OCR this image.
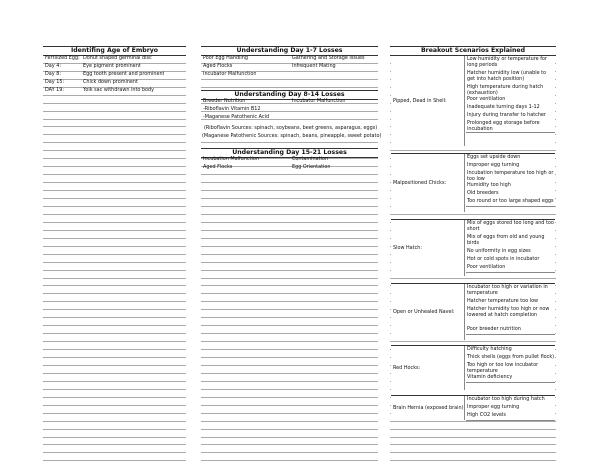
Identifing Age of Embryo
Fertilized Egg: Donut shaped germinal disc
Day 4:	Eye pigment prominent
Day 8:	Egg tooth present and prominent
Day 15:	Chick down prominent
DAY 19:	Yolk sac withdrawn into body
Understanding Day 1-7 Losses
Poor Egg Handling	Gathering and Storage Issues
Aged Flocks	Infrequent Mating
Incubator Malfunction
Understanding Day 8-14 Losses
Breeder Nutrition	Incubator Malfunction
-Riboflavin Vitamin B12
-Maganese Patothenic Acid
(Riboflavin Sources: spinach, soybeans, beet greens, asparagus, eggs)
(Maganese Patothenic Sources: spinach, beans, pineapple, sweet potato)
Understanding Day 15-21 Losses
Incubation Malfunction	Contamination
Aged Flocks	Egg Orientation
Breakout Scenarios Explained
Pipped, Dead in Shell:
Low humidity or temperature for long periods
Hatcher humidity low (unable to get into hatch position)
High temperature during hatch (exhaustion)
Poor ventilation
Inadequate turning days 1-12
Injury during transfer to hatcher
Prolonged egg storage before incubation
Malpositioned Chicks:
Eggs set upside down
Improper egg turning
Incubation temperature too high or too low
Humidity too high
Old breeders
Too round or too large shaped eggs
Slow Hatch:
Mix of eggs stored too long and too short
Mix of eggs from old and young birds
No uniformity in egg sizes
Hot or cold spots in incubator
Poor ventilation
Open or Unhealed Navel:
Incubator too high or variation in temperature
Hatcher temperature too low
Hatcher humidity too high or now lowered at hatch completion
Poor breeder nutrition
Red Hocks:
Difficulty hatching
Thick shells (eggs from pullet flock)
Too high or too low incubator temperature
Vitamin deficiency
Brain Hernia (exposed brain):
Incubator too high during hatch
Improper egg turning
High CO2 levels
